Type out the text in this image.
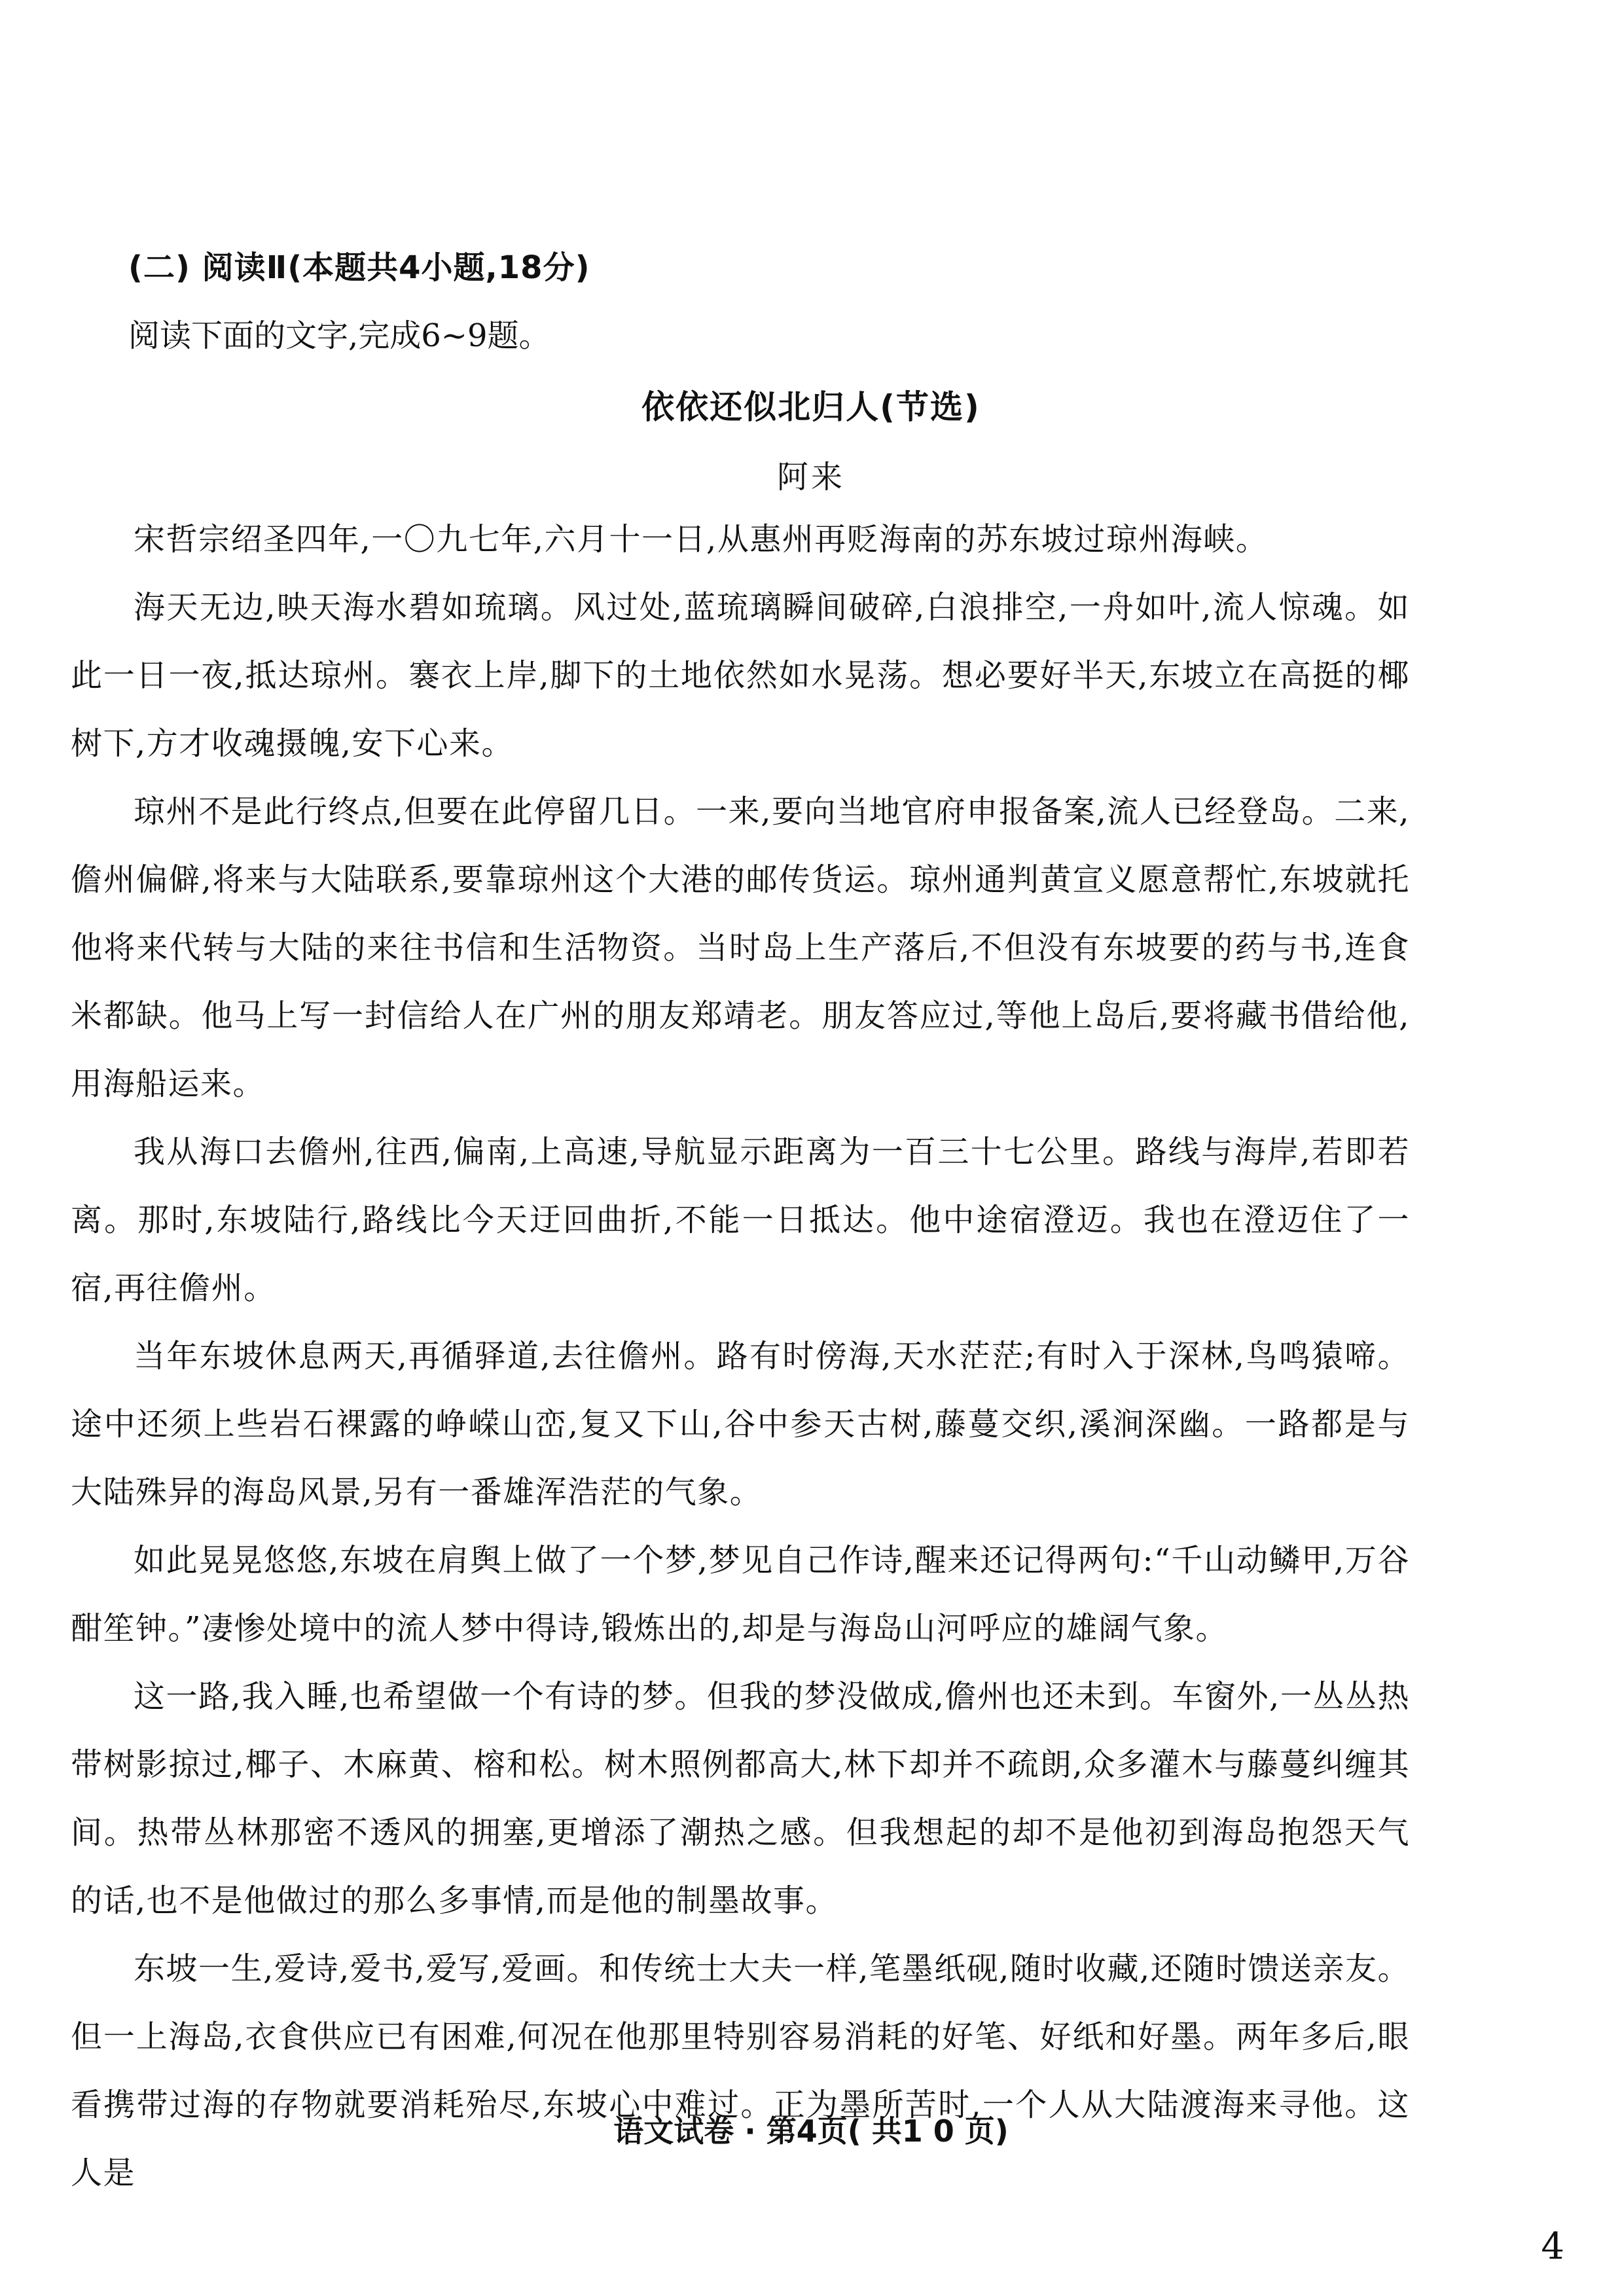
(二) 阅读Ⅱ(本题共4小题,18分)
阅读下面的文字,完成6~9题。
依依还似北归人(节选)
阿来

宋哲宗绍圣四年,一〇九七年,六月十一日,从惠州再贬海南的苏东坡过琼州海峡。

海天无边,映天海水碧如琉璃。风过处,蓝琉璃瞬间破碎,白浪排空,一舟如叶,流人惊魂。如此一日一夜,抵达琼州。褰衣上岸,脚下的土地依然如水晃荡。想必要好半天,东坡立在高挺的椰树下,方才收魂摄魄,安下心来。

琼州不是此行终点,但要在此停留几日。一来,要向当地官府申报备案,流人已经登岛。二来,儋州偏僻,将来与大陆联系,要靠琼州这个大港的邮传货运。琼州通判黄宣义愿意帮忙,东坡就托他将来代转与大陆的来往书信和生活物资。当时岛上生产落后,不但没有东坡要的药与书,连食米都缺。他马上写一封信给人在广州的朋友郑靖老。朋友答应过,等他上岛后,要将藏书借给他,用海船运来。

我从海口去儋州,往西,偏南,上高速,导航显示距离为一百三十七公里。路线与海岸,若即若离。那时,东坡陆行,路线比今天迂回曲折,不能一日抵达。他中途宿澄迈。我也在澄迈住了一宿,再往儋州。

当年东坡休息两天,再循驿道,去往儋州。路有时傍海,天水茫茫;有时入于深林,鸟鸣猿啼。途中还须上些岩石裸露的峥嵘山峦,复又下山,谷中参天古树,藤蔓交织,溪涧深幽。一路都是与大陆殊异的海岛风景,另有一番雄浑浩茫的气象。

如此晃晃悠悠,东坡在肩舆上做了一个梦,梦见自己作诗,醒来还记得两句:“千山动鳞甲,万谷酣笙钟。”凄惨处境中的流人梦中得诗,锻炼出的,却是与海岛山河呼应的雄阔气象。

这一路,我入睡,也希望做一个有诗的梦。但我的梦没做成,儋州也还未到。车窗外,一丛丛热带树影掠过,椰子、木麻黄、榕和松。树木照例都高大,林下却并不疏朗,众多灌木与藤蔓纠缠其间。热带丛林那密不透风的拥塞,更增添了潮热之感。但我想起的却不是他初到海岛抱怨天气的话,也不是他做过的那么多事情,而是他的制墨故事。

东坡一生,爱诗,爱书,爱写,爱画。和传统士大夫一样,笔墨纸砚,随时收藏,还随时馈送亲友。但一上海岛,衣食供应已有困难,何况在他那里特别容易消耗的好笔、好纸和好墨。两年多后,眼看携带过海的存物就要消耗殆尽,东坡心中难过。正为墨所苦时,一个人从大陆渡海来寻他。这人是

语文试卷 · 第4页( 共1 0 页)
4
